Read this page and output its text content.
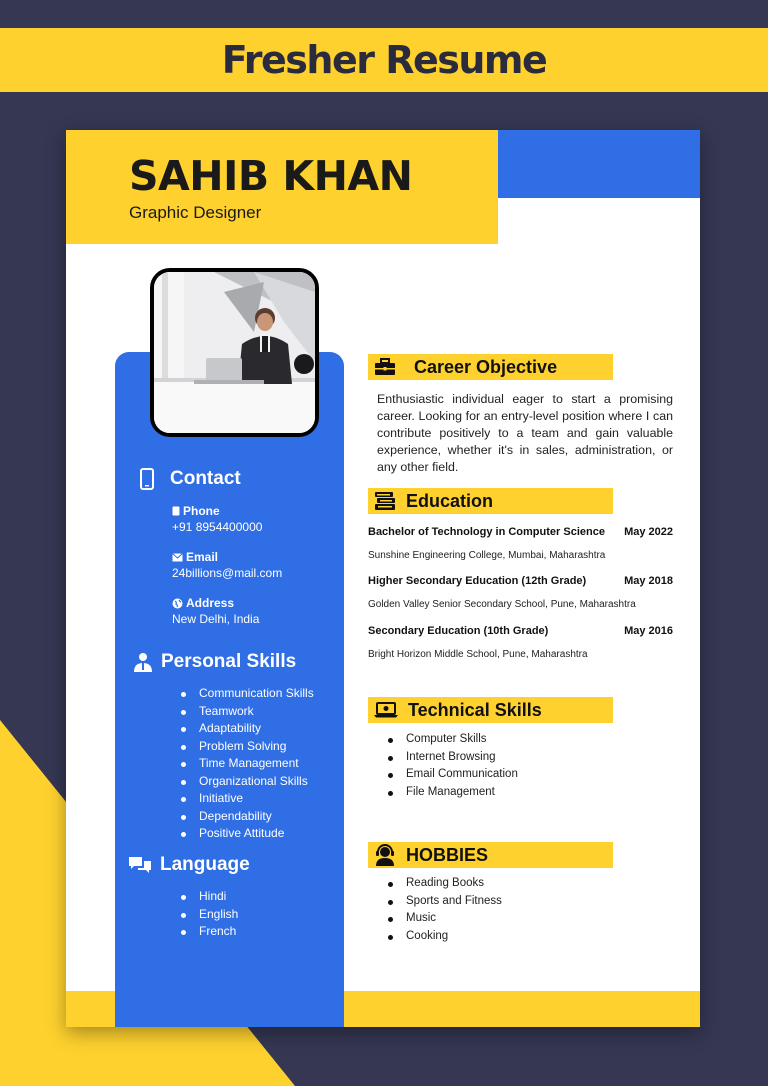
Fresher Resume
SAHIB KHAN
Graphic Designer
Contact
Phone
+91 8954400000
Email
24billions@mail.com
Address
New Delhi, India
Personal Skills
Communication Skills
Teamwork
Adaptability
Problem Solving
Time Management
Organizational Skills
Initiative
Dependability
Positive Attitude
Language
Hindi
English
French
Career Objective
Enthusiastic individual eager to start a promising career. Looking for an entry-level position where I can contribute positively to a team and gain valuable experience, whether it's in sales, administration, or any other field.
Education
Bachelor of Technology in Computer Science May 2022
Sunshine Engineering College, Mumbai, Maharashtra
Higher Secondary Education (12th Grade)	May 2018
Golden Valley Senior Secondary School, Pune, Maharashtra
Secondary Education (10th Grade)	May 2016
Bright Horizon Middle School, Pune, Maharashtra
Technical Skills
Computer Skills
Internet Browsing
Email Communication
File Management
HOBBIES
Reading Books
Sports and Fitness
Music
Cooking
